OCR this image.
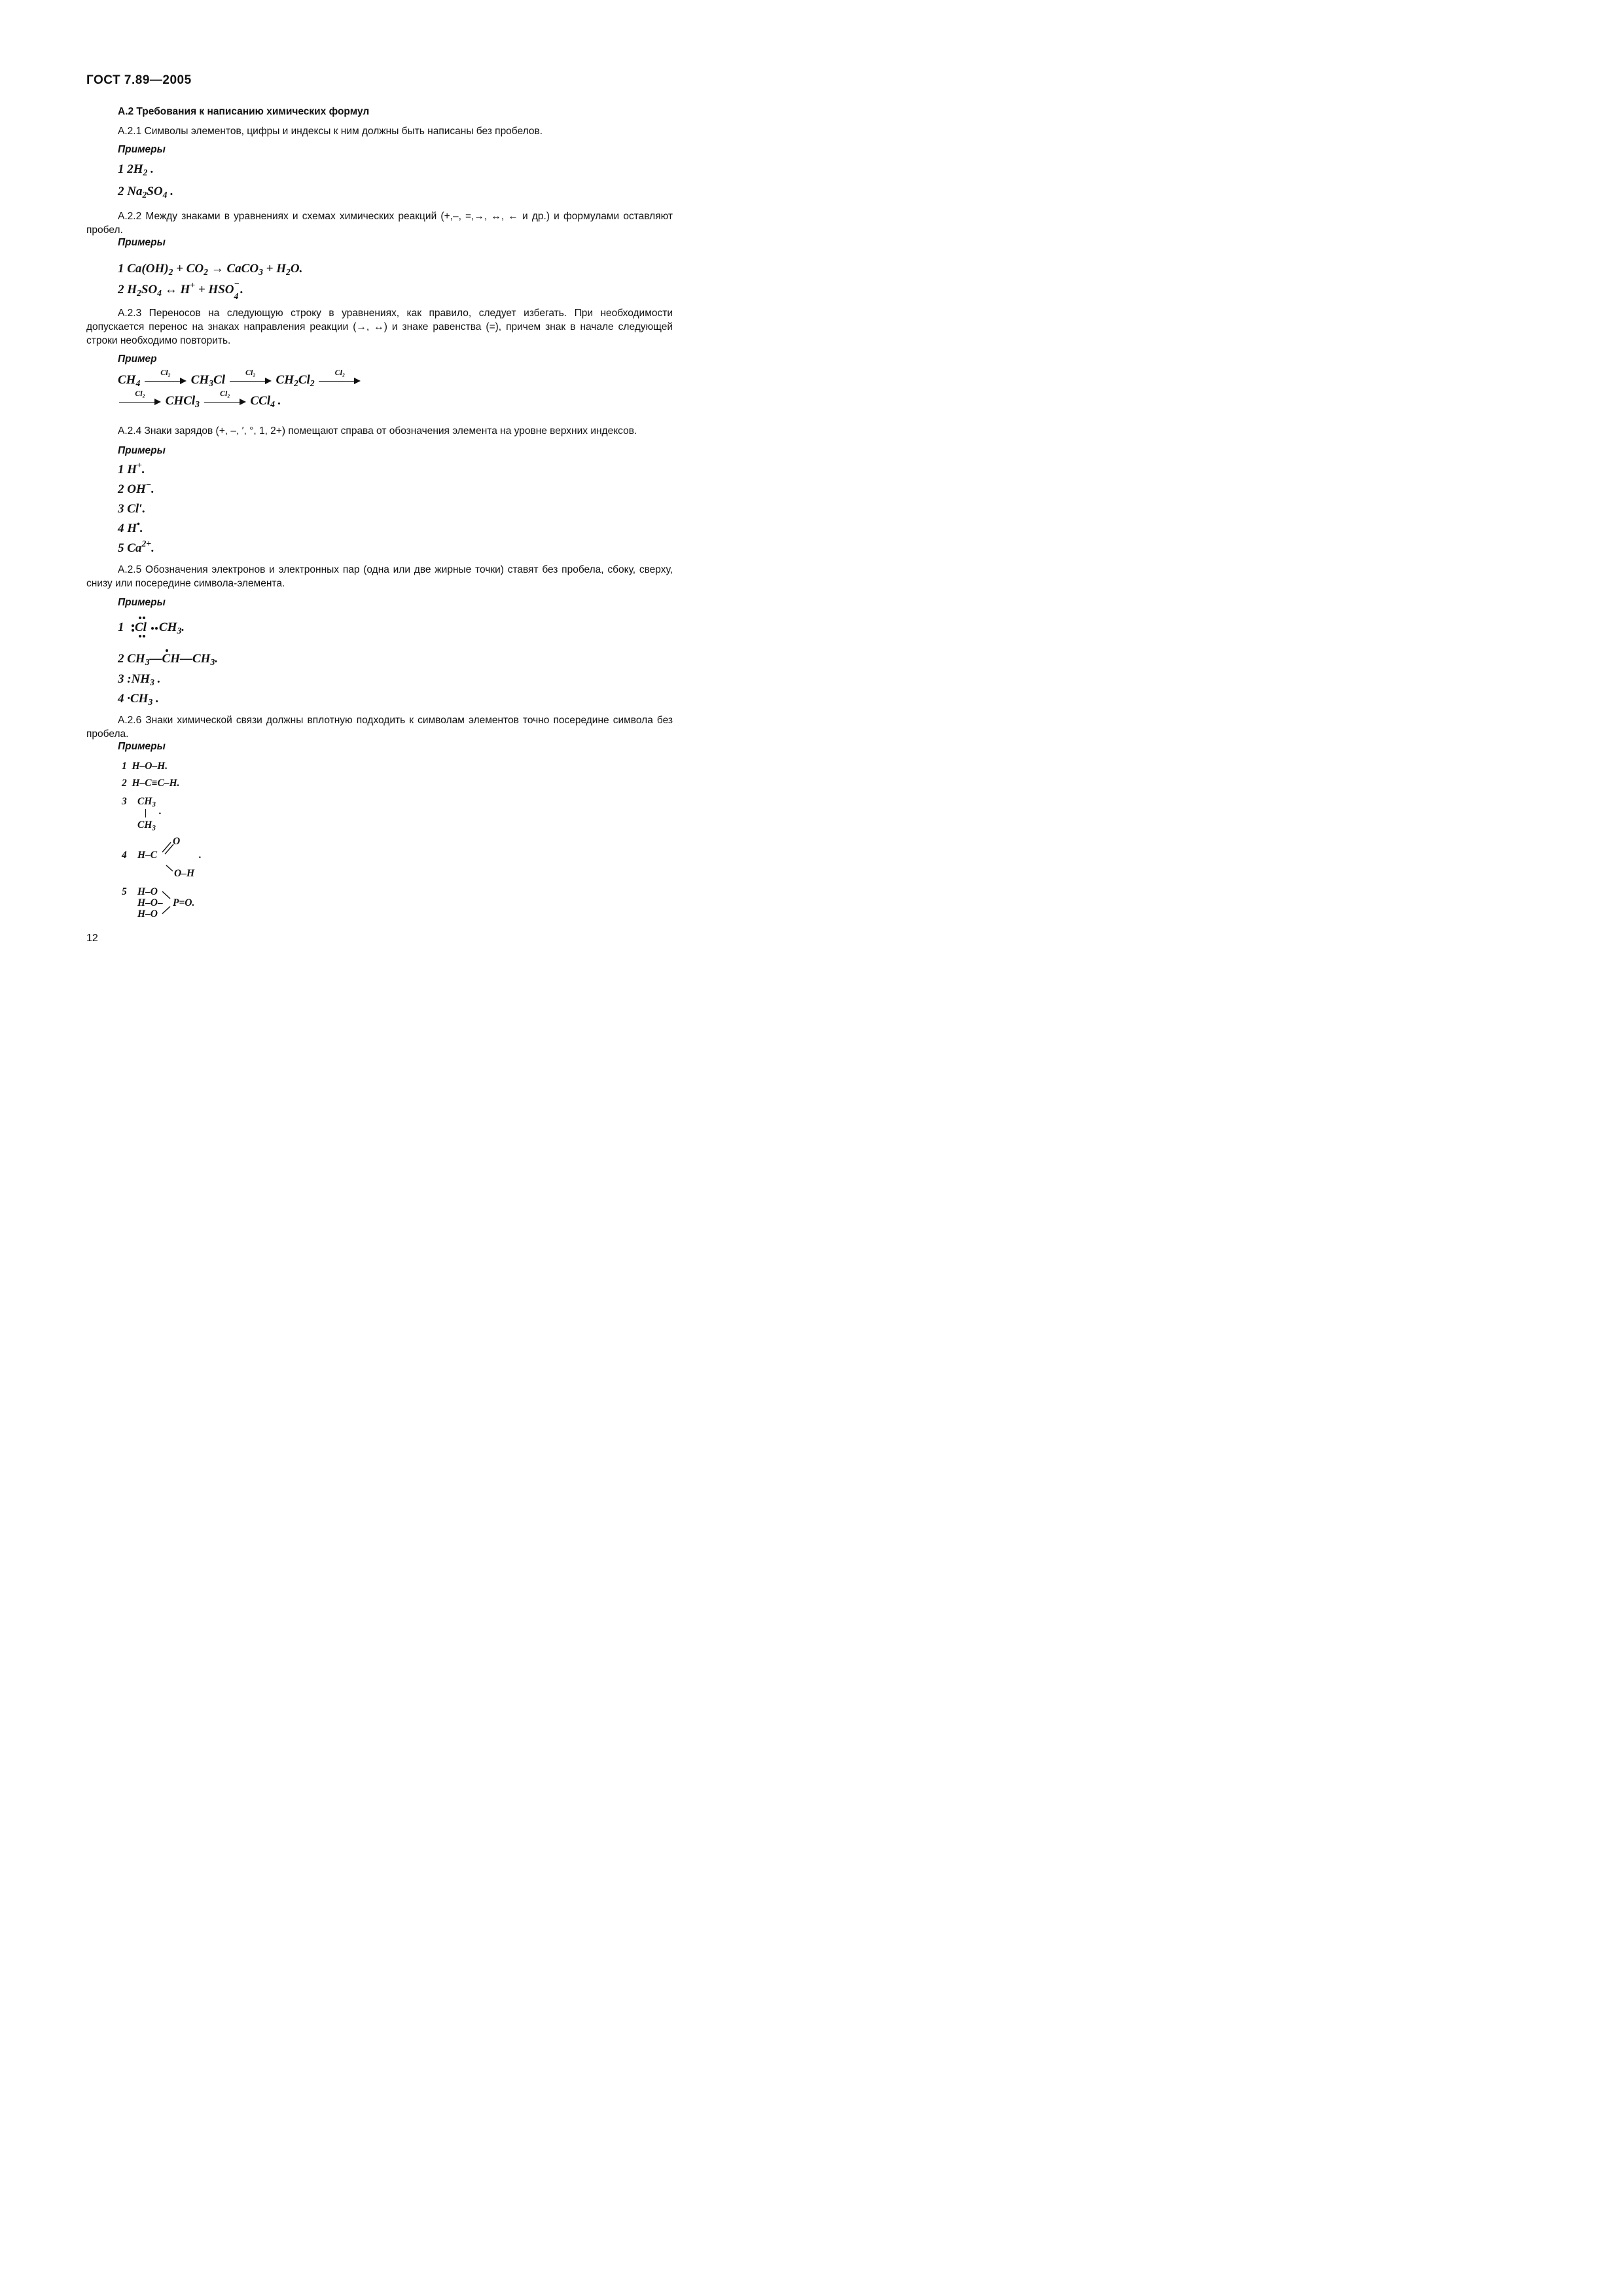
ГОСТ 7.89—2005
А.2 Требования к написанию химических формул
А.2.1 Символы элементов, цифры и индексы к ним должны быть написаны без пробелов.
Примеры
1 $2H_2$ .
2 $Na_2SO_4$ .
А.2.2 Между знаками в уравнениях и схемах химических реакций (+,–, =,→, ↔, ← и др.) и формулами оставляют пробел.
Примеры
1 $Ca(OH)_2 + CO_2$ → CaCO$_3$ + $H_2O$.
2 $H_2SO_4$ ↔ H+ + HSO −
4 .
А.2.3 Переносов на следующую строку в уравнениях, как правило, следует избегать. При необходимости допускается перенос на знаках направления реакции (→, ↔) и знаке равенства (=), причем знак в начале следующей строки необходимо повторить.
Пример
$CH_4$
Cl₂
$CH_3Cl$
Cl₂
$CH_2Cl_2$
Cl₂
Cl₂
CHCl$_3$
Cl₂
CCl$_4$ .
А.2.4 Знаки зарядов (+, –, ′, °, 1, 2+) помещают справа от обозначения элемента на уровне верхних индексов.
Примеры
1 H+.
2 OH−.
3 Cl′.
4 H•.
5 $Ca^{2+}$.
А.2.5 Обозначения электронов и электронных пар (одна или две жирные точки) ставят без пробела, сбоку, сверху, снизу или посередине символа-элемента.
Примеры
1 Cl $CH_3$.
2 $CH_3—CH—CH_3$.
3 $:NH_3$ .
$4 \cdot CH_3$ .
А.2.6 Знаки химической связи должны вплотную подходить к символам элементов точно посередине символа без пробела.
Примеры
1  H–O–H.
2  H–C≡C–H.
3 $CH_3$
.
$CH_3$
4 H–C
O
.
O–H
5 H–O
H–O–
H–O
P=O.
12
